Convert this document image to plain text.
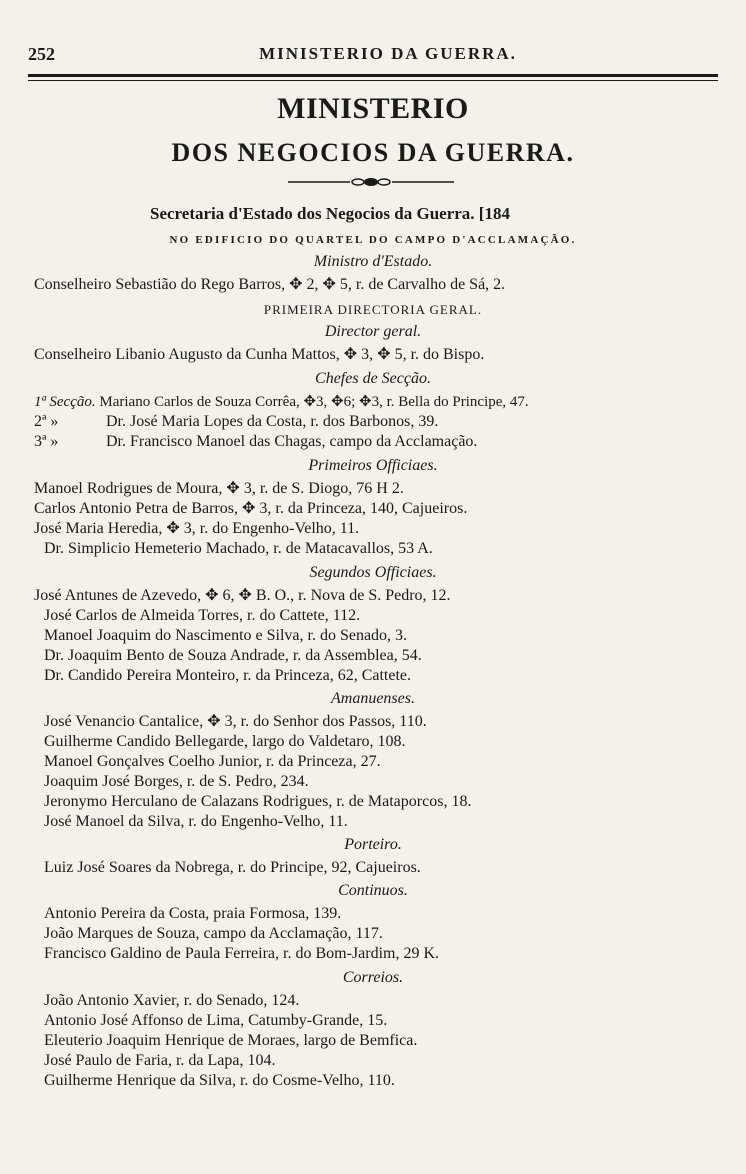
252	MINISTERIO DA GUERRA.
MINISTERIO
DOS NEGOCIOS DA GUERRA.
Secretaria d'Estado dos Negocios da Guerra. [184
NO EDIFICIO DO QUARTEL DO CAMPO D'ACCLAMAÇÃO.
Ministro d'Estado.
Conselheiro Sebastião do Rego Barros, ✥ 2, ✥ 5, r. de Carvalho de Sá, 2.
PRIMEIRA DIRECTORIA GERAL.
Director geral.
Conselheiro Libanio Augusto da Cunha Mattos, ✥ 3, ✥ 5, r. do Bispo.
Chefes de Secção.
1ª Secção. Mariano Carlos de Souza Corrêa, ✥3, ✥6; ✥3, r. Bella do Principe, 47.
2ª »	Dr. José Maria Lopes da Costa, r. dos Barbonos, 39.
3ª »	Dr. Francisco Manoel das Chagas, campo da Acclamação.
Primeiros Officiaes.
Manoel Rodrigues de Moura, ✥ 3, r. de S. Diogo, 76 H 2.
Carlos Antonio Petra de Barros, ✥ 3, r. da Princeza, 140, Cajueiros.
José Maria Heredia, ✥ 3, r. do Engenho-Velho, 11.
Dr. Simplicio Hemeterio Machado, r. de Matacavallos, 53 A.
Segundos Officiaes.
José Antunes de Azevedo, ✥ 6, ✥ B. O., r. Nova de S. Pedro, 12.
José Carlos de Almeida Torres, r. do Cattete, 112.
Manoel Joaquim do Nascimento e Silva, r. do Senado, 3.
Dr. Joaquim Bento de Souza Andrade, r. da Assemblea, 54.
Dr. Candido Pereira Monteiro, r. da Princeza, 62, Cattete.
Amanuenses.
José Venancio Cantalice, ✥ 3, r. do Senhor dos Passos, 110.
Guilherme Candido Bellegarde, largo do Valdetaro, 108.
Manoel Gonçalves Coelho Junior, r. da Princeza, 27.
Joaquim José Borges, r. de S. Pedro, 234.
Jeronymo Herculano de Calazans Rodrigues, r. de Mataporcos, 18.
José Manoel da Silva, r. do Engenho-Velho, 11.
Porteiro.
Luiz José Soares da Nobrega, r. do Principe, 92, Cajueiros.
Continuos.
Antonio Pereira da Costa, praia Formosa, 139.
João Marques de Souza, campo da Acclamação, 117.
Francisco Galdino de Paula Ferreira, r. do Bom-Jardim, 29 K.
Correios.
João Antonio Xavier, r. do Senado, 124.
Antonio José Affonso de Lima, Catumby-Grande, 15.
Eleuterio Joaquim Henrique de Moraes, largo de Bemfica.
José Paulo de Faria, r. da Lapa, 104.
Guilherme Henrique da Silva, r. do Cosme-Velho, 110.
